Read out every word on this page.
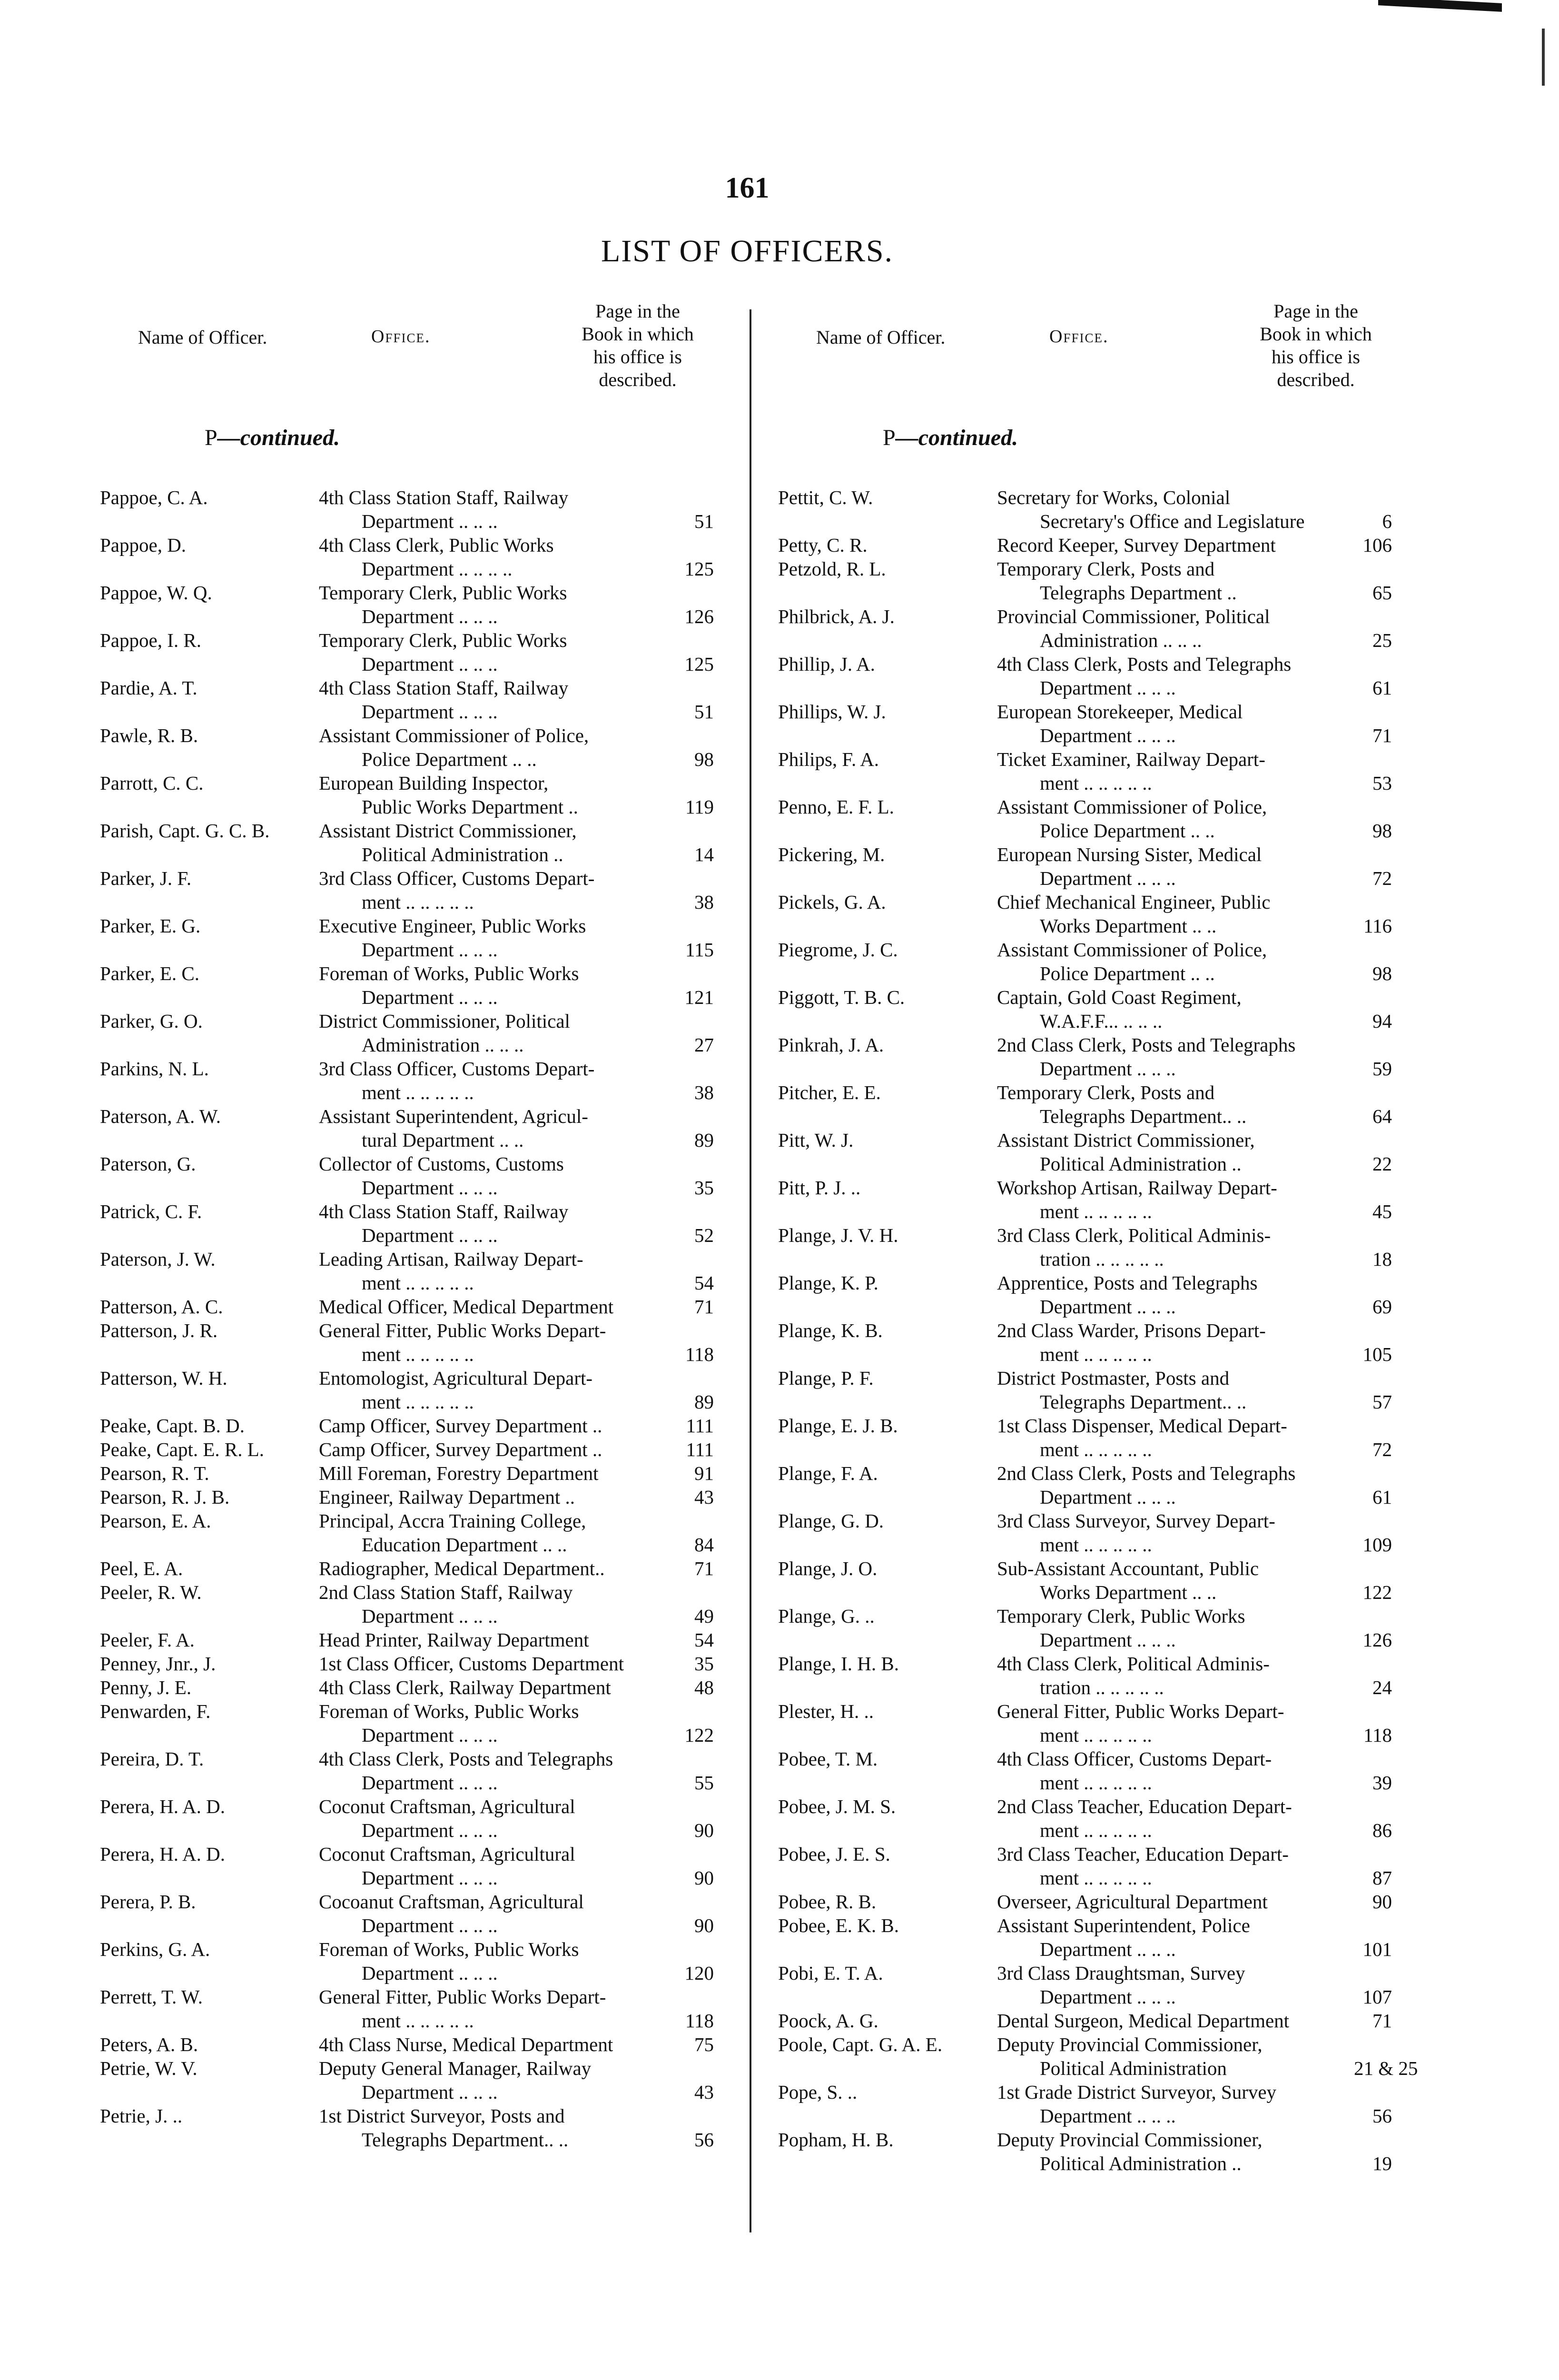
161
LIST OF OFFICERS.
Name of Officer.	Office.
Page in the
Book in which
his office is
described.
P—continued.
Pappoe, C. A.	4th Class Station Staff, Railway
Department .. .. ..	51
Pappoe, D.	4th Class Clerk, Public Works
Department .. .. .. ..	125
Pappoe, W. Q.	Temporary Clerk, Public Works
Department .. .. ..	126
Pappoe, I. R.	Temporary Clerk, Public Works
Department .. .. ..	125
Pardie, A. T.	4th Class Station Staff, Railway
Department .. .. ..	51
Pawle, R. B.	Assistant Commissioner of Police,
Police Department .. ..	98
Parrott, C. C.	European Building Inspector,
Public Works Department ..	119
Parish, Capt. G. C. B.	Assistant District Commissioner,
Political Administration ..	14
Parker, J. F.	3rd Class Officer, Customs Depart-
ment .. .. .. .. ..	38
Parker, E. G.	Executive Engineer, Public Works
Department .. .. ..	115
Parker, E. C.	Foreman of Works, Public Works
Department .. .. ..	121
Parker, G. O.	District Commissioner, Political
Administration .. .. ..	27
Parkins, N. L.	3rd Class Officer, Customs Depart-
ment .. .. .. .. ..	38
Paterson, A. W.	Assistant Superintendent, Agricul-
tural Department .. ..	89
Paterson, G.	Collector of Customs, Customs
Department .. .. ..	35
Patrick, C. F.	4th Class Station Staff, Railway
Department .. .. ..	52
Paterson, J. W.	Leading Artisan, Railway Depart-
ment .. .. .. .. ..	54
Patterson, A. C.	Medical Officer, Medical Department	71
Patterson, J. R.	General Fitter, Public Works Depart-
ment .. .. .. .. ..	118
Patterson, W. H.	Entomologist, Agricultural Depart-
ment .. .. .. .. ..	89
Peake, Capt. B. D.	Camp Officer, Survey Department ..	111
Peake, Capt. E. R. L.	Camp Officer, Survey Department ..	111
Pearson, R. T.	Mill Foreman, Forestry Department	91
Pearson, R. J. B.	Engineer, Railway Department ..	43
Pearson, E. A.	Principal, Accra Training College,
Education Department .. ..	84
Peel, E. A.	Radiographer, Medical Department..	71
Peeler, R. W.	2nd Class Station Staff, Railway
Department .. .. ..	49
Peeler, F. A.	Head Printer, Railway Department	54
Penney, Jnr., J.	1st Class Officer, Customs Department	35
Penny, J. E.	4th Class Clerk, Railway Department	48
Penwarden, F.	Foreman of Works, Public Works
Department .. .. ..	122
Pereira, D. T.	4th Class Clerk, Posts and Telegraphs
Department .. .. ..	55
Perera, H. A. D.	Coconut Craftsman, Agricultural
Department .. .. ..	90
Perera, H. A. D.	Coconut Craftsman, Agricultural
Department .. .. ..	90
Perera, P. B.	Cocoanut Craftsman, Agricultural
Department .. .. ..	90
Perkins, G. A.	Foreman of Works, Public Works
Department .. .. ..	120
Perrett, T. W.	General Fitter, Public Works Depart-
ment .. .. .. .. ..	118
Peters, A. B.	4th Class Nurse, Medical Department	75
Petrie, W. V.	Deputy General Manager, Railway
Department .. .. ..	43
Petrie, J. ..	1st District Surveyor, Posts and
Telegraphs Department.. ..	56
Name of Officer.	Office.
Page in the
Book in which
his office is
described.
P—continued.
Pettit, C. W.	Secretary for Works, Colonial
Secretary's Office and Legislature	6
Petty, C. R.	Record Keeper, Survey Department	106
Petzold, R. L.	Temporary Clerk, Posts and
Telegraphs Department ..	65
Philbrick, A. J.	Provincial Commissioner, Political
Administration .. .. ..	25
Phillip, J. A.	4th Class Clerk, Posts and Telegraphs
Department .. .. ..	61
Phillips, W. J.	European Storekeeper, Medical
Department .. .. ..	71
Philips, F. A.	Ticket Examiner, Railway Depart-
ment .. .. .. .. ..	53
Penno, E. F. L.	Assistant Commissioner of Police,
Police Department .. ..	98
Pickering, M.	European Nursing Sister, Medical
Department .. .. ..	72
Pickels, G. A.	Chief Mechanical Engineer, Public
Works Department .. ..	116
Piegrome, J. C.	Assistant Commissioner of Police,
Police Department .. ..	98
Piggott, T. B. C.	Captain, Gold Coast Regiment,
W.A.F.F... .. .. ..	94
Pinkrah, J. A.	2nd Class Clerk, Posts and Telegraphs
Department .. .. ..	59
Pitcher, E. E.	Temporary Clerk, Posts and
Telegraphs Department.. ..	64
Pitt, W. J.	Assistant District Commissioner,
Political Administration ..	22
Pitt, P. J. ..	Workshop Artisan, Railway Depart-
ment .. .. .. .. ..	45
Plange, J. V. H.	3rd Class Clerk, Political Adminis-
tration .. .. .. .. ..	18
Plange, K. P.	Apprentice, Posts and Telegraphs
Department .. .. ..	69
Plange, K. B.	2nd Class Warder, Prisons Depart-
ment .. .. .. .. ..	105
Plange, P. F.	District Postmaster, Posts and
Telegraphs Department.. ..	57
Plange, E. J. B.	1st Class Dispenser, Medical Depart-
ment .. .. .. .. ..	72
Plange, F. A.	2nd Class Clerk, Posts and Telegraphs
Department .. .. ..	61
Plange, G. D.	3rd Class Surveyor, Survey Depart-
ment .. .. .. .. ..	109
Plange, J. O.	Sub-Assistant Accountant, Public
Works Department .. ..	122
Plange, G. ..	Temporary Clerk, Public Works
Department .. .. ..	126
Plange, I. H. B.	4th Class Clerk, Political Adminis-
tration .. .. .. .. ..	24
Plester, H. ..	General Fitter, Public Works Depart-
ment .. .. .. .. ..	118
Pobee, T. M.	4th Class Officer, Customs Depart-
ment .. .. .. .. ..	39
Pobee, J. M. S.	2nd Class Teacher, Education Depart-
ment .. .. .. .. ..	86
Pobee, J. E. S.	3rd Class Teacher, Education Depart-
ment .. .. .. .. ..	87
Pobee, R. B.	Overseer, Agricultural Department	90
Pobee, E. K. B.	Assistant Superintendent, Police
Department .. .. ..	101
Pobi, E. T. A.	3rd Class Draughtsman, Survey
Department .. .. ..	107
Poock, A. G.	Dental Surgeon, Medical Department	71
Poole, Capt. G. A. E.	Deputy Provincial Commissioner,
Political Administration	21 & 25
Pope, S. ..	1st Grade District Surveyor, Survey
Department .. .. ..	56
Popham, H. B.	Deputy Provincial Commissioner,
Political Administration ..	19
